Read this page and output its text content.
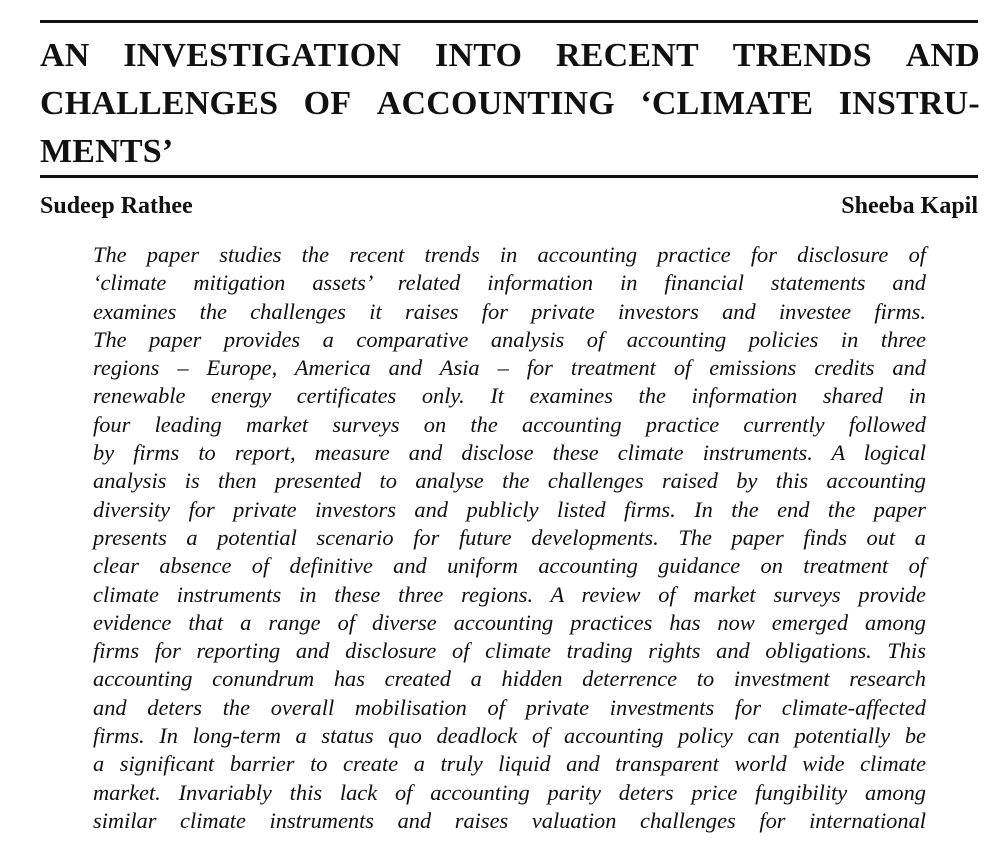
AN INVESTIGATION INTO RECENT TRENDS AND
CHALLENGES OF ACCOUNTING ‘CLIMATE INSTRU-
MENTS’
Sudeep Rathee	Sheeba Kapil
The paper studies the recent trends in accounting practice for disclosure of
‘climate mitigation assets’ related information in financial statements and
examines the challenges it raises for private investors and investee firms.
The paper provides a comparative analysis of accounting policies in three
regions – Europe, America and Asia – for treatment of emissions credits and
renewable energy certificates only. It examines the information shared in
four leading market surveys on the accounting practice currently followed
by firms to report, measure and disclose these climate instruments. A logical
analysis is then presented to analyse the challenges raised by this accounting
diversity for private investors and publicly listed firms. In the end the paper
presents a potential scenario for future developments. The paper finds out a
clear absence of definitive and uniform accounting guidance on treatment of
climate instruments in these three regions. A review of market surveys provide
evidence that a range of diverse accounting practices has now emerged among
firms for reporting and disclosure of climate trading rights and obligations. This
accounting conundrum has created a hidden deterrence to investment research
and deters the overall mobilisation of private investments for climate-affected
firms. In long-term a status quo deadlock of accounting policy can potentially be
a significant barrier to create a truly liquid and transparent world wide climate
market. Invariably this lack of accounting parity deters price fungibility among
similar climate instruments and raises valuation challenges for international
